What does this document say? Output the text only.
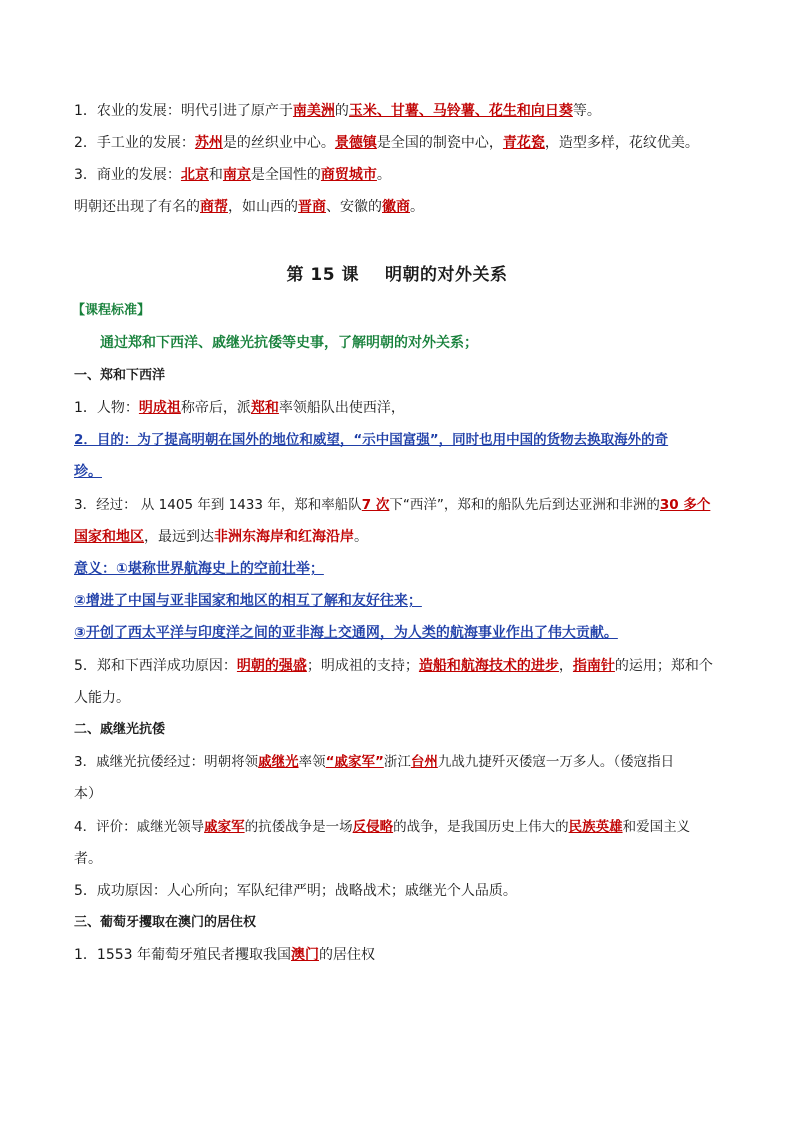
1．农业的发展：明代引进了原产于南美洲的玉米、甘薯、马铃薯、花生和向日葵等。
2．手工业的发展：苏州是的丝织业中心。景德镇是全国的制瓷中心，青花瓷，造型多样，花纹优美。
3．商业的发展：北京和南京是全国性的商贸城市。
明朝还出现了有名的商帮，如山西的晋商、安徽的徽商。
第 15 课 明朝的对外关系
【课程标准】
通过郑和下西洋、戚继光抗倭等史事，了解明朝的对外关系；
一、郑和下西洋
1．人物：明成祖称帝后，派郑和率领船队出使西洋，
2．目的：为了提高明朝在国外的地位和威望，“示中国富强”，同时也用中国的货物去换取海外的奇
珍。
3．经过： 从 1405 年到 1433 年，郑和率船队7 次下“西洋”，郑和的船队先后到达亚洲和非洲的30 多个
国家和地区，最远到达非洲东海岸和红海沿岸。
意义：①堪称世界航海史上的空前壮举；
②增进了中国与亚非国家和地区的相互了解和友好往来；
③开创了西太平洋与印度洋之间的亚非海上交通网，为人类的航海事业作出了伟大贡献。
5．郑和下西洋成功原因：明朝的强盛；明成祖的支持；造船和航海技术的进步，指南针的运用；郑和个
人能力。
二、戚继光抗倭
3．戚继光抗倭经过：明朝将领戚继光率领“戚家军”浙江台州九战九捷歼灭倭寇一万多人。（倭寇指日
本）
4．评价：戚继光领导戚家军的抗倭战争是一场反侵略的战争，是我国历史上伟大的民族英雄和爱国主义
者。
5．成功原因：人心所向；军队纪律严明；战略战术；戚继光个人品质。
三、葡萄牙攫取在澳门的居住权
1．1553 年葡萄牙殖民者攫取我国澳门的居住权
